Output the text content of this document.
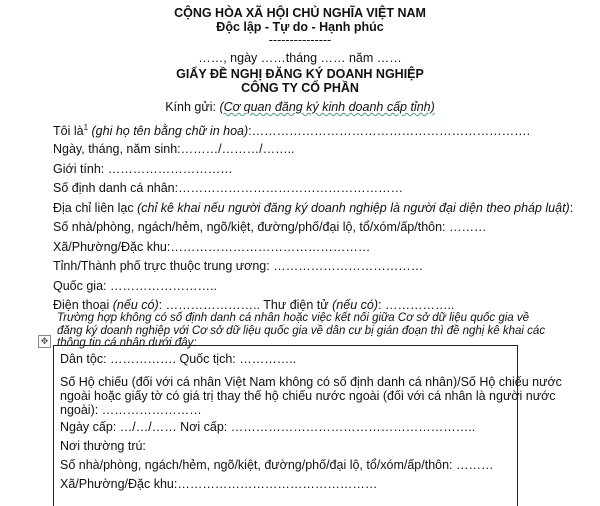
CỘNG HÒA XÃ HỘI CHỦ NGHĨA VIỆT NAM
Độc lập - Tự do - Hạnh phúc
---------------
……, ngày ……tháng …… năm ……
GIẤY ĐỀ NGHỊ ĐĂNG KÝ DOANH NGHIỆP
CÔNG TY CỔ PHẦN
Kính gửi: (Cơ quan đăng ký kinh doanh cấp tỉnh)
Tôi $là^1$ (ghi họ tên bằng chữ in hoa):………………………………………………………….
Ngày, tháng, năm sinh:………/………/……..
Giới tính: …………………………
Số định danh cá nhân:………………………………………………
Địa chỉ liên lạc (chỉ kê khai nếu người đăng ký doanh nghiệp là người đại diện theo pháp luật):
Số nhà/phòng, ngách/hẻm, ngõ/kiệt, đường/phố/đại lộ, tổ/xóm/ấp/thôn: ………
Xã/Phường/Đặc khu:…………………………………………
Tỉnh/Thành phố trực thuộc trung ương: ………………………………
Quốc gia: ……………………..
Điện thoại (nếu có): ………………….. Thư điện tử (nếu có): ……………..
Trường hợp không có số định danh cá nhân hoặc việc kết nối giữa Cơ sở dữ liệu quốc gia về đăng ký doanh nghiệp với Cơ sở dữ liệu quốc gia về dân cư bị gián đoạn thì đề nghị kê khai các thông tin cá nhân dưới đây:
✥
Dân tộc: ……………. Quốc tịch: …………..
Số Hộ chiếu (đối với cá nhân Việt Nam không có số định danh cá nhân)/Số Hộ chiếu nước
ngoài hoặc giấy tờ có giá trị thay thế hộ chiếu nước ngoài (đối với cá nhân là người nước
ngoài): ……………………
Ngày cấp: …/…/…… Nơi cấp: …………………………………………………..
Nơi thường trú:
Số nhà/phòng, ngách/hẻm, ngõ/kiệt, đường/phố/đại lộ, tổ/xóm/ấp/thôn: ………
Xã/Phường/Đặc khu:…………………………………………
